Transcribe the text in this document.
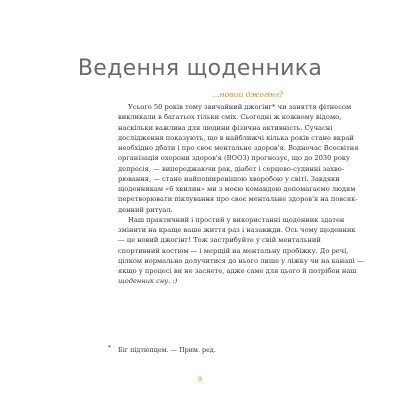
Ведення щоденника
...новий джогінг?
Усього 50 років тому звичайний джогінг* чи заняття фітнесом
викликали в багатьох тільки сміх. Сьогодні ж кожному відомо,
наскільки важлива для людини фізична активність. Сучасні
дослідження показують, що в найближчі кілька років стане вкрай
необхідно дбати і про своє ментальне здоров'я. Водночас Всесвітня
організація охорони здоров'я (ВООЗ) прогнозує, що до 2030 року
депресія, — випереджаючи рак, діабет і серцево-судинні захво-
рювання, — стане найпоширенішою хворобою у світі. Завдяки
щоденникам «6 хвилин» ми з моєю командою допомагаємо людям
перетворювати піклування про своє ментальне здоров'я на повсяк-
денний ритуал.
Наш практичний і простий у використанні щоденник здатен
змінити на краще ваше життя раз і назавжди. Ось чому щоденник
— це новий джогінг! Тож застрибуйте у свій ментальний
спортивний костюм — і мерщій на ментальну пробіжку. До речі,
цілком нормально долучитися до нього лише у ліжку чи на канапі —
якщо у процесі ви не заснете, адже саме для цього й потрібен наш
щоденник сну. :)
* Біг підтюпцем. — Прим. ред.
9
